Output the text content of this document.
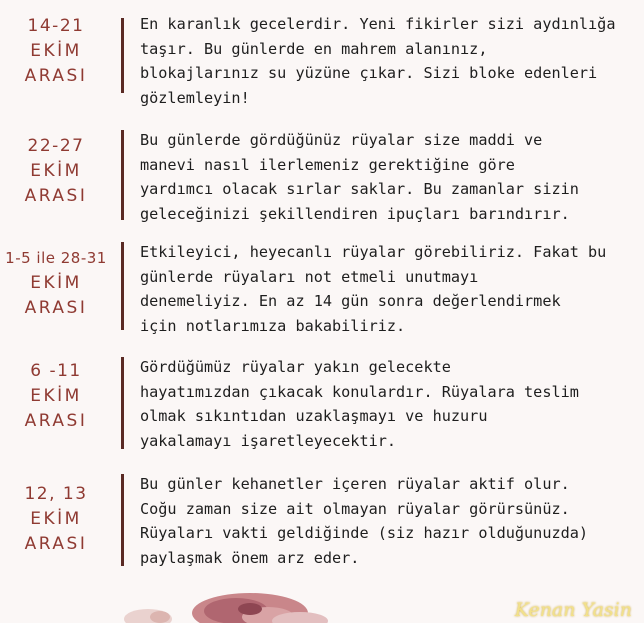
14-21
EKİM
ARASI
En karanlık gecelerdir. Yeni fikirler sizi aydınlığa
taşır. Bu günlerde en mahrem alanınız,
blokajlarınız su yüzüne çıkar. Sizi bloke edenleri
gözlemleyin!
22-27
EKİM
ARASI
Bu günlerde gördüğünüz rüyalar size maddi ve
manevi nasıl ilerlemeniz gerektiğine göre
yardımcı olacak sırlar saklar. Bu zamanlar sizin
geleceğinizi şekillendiren ipuçları barındırır.
1-5 ile 28-31
EKİM
ARASI
Etkileyici, heyecanlı rüyalar görebiliriz. Fakat bu
günlerde rüyaları not etmeli unutmayı
denemeliyiz. En az 14 gün sonra değerlendirmek
için notlarımıza bakabiliriz.
6 -11
EKİM
ARASI
Gördüğümüz rüyalar yakın gelecekte
hayatımızdan çıkacak konulardır. Rüyalara teslim
olmak sıkıntıdan uzaklaşmayı ve huzuru
yakalamayı işaretleyecektir.
12, 13
EKİM
ARASI
Bu günler kehanetler içeren rüyalar aktif olur.
Coğu zaman size ait olmayan rüyalar görürsünüz.
Rüyaları vakti geldiğinde (siz hazır olduğunuzda)
paylaşmak önem arz eder.
Kenan Yasin
